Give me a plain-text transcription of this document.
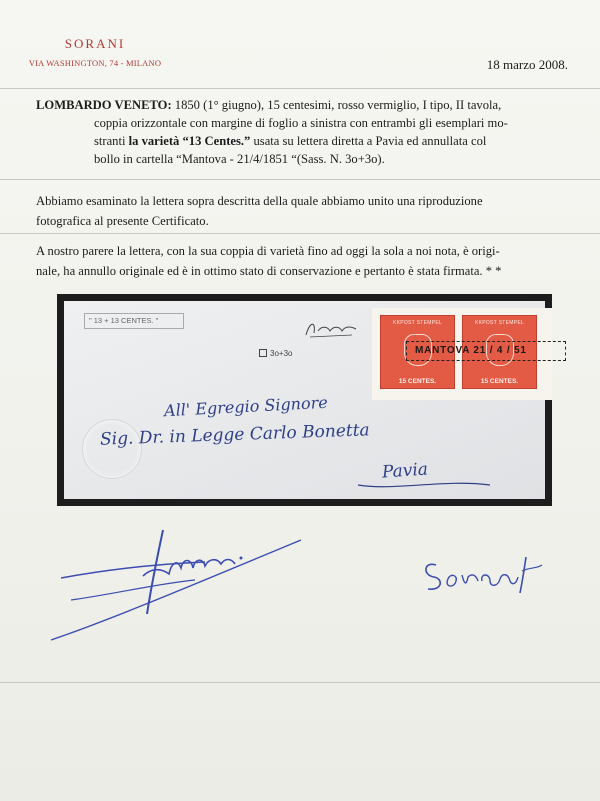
SORANI
VIA WASHINGTON, 74 - MILANO	18 marzo 2008.
LOMBARDO VENETO: 1850 (1° giugno), 15 centesimi, rosso vermiglio, I tipo, II tavola,
coppia orizzontale con margine di foglio a sinistra con entrambi gli esemplari mo-
stranti la varietà “13 Centes.” usata su lettera diretta a Pavia ed annullata col
bollo in cartella “Mantova - 21/4/1851 “(Sass. N. 3o+3o).
Abbiamo esaminato la lettera sopra descritta della quale abbiamo unito una riproduzione
fotografica al presente Certificato.
A nostro parere la lettera, con la sua coppia di varietà fino ad oggi la sola a noi nota, è origi-
nale, ha annullo originale ed è in ottimo stato di conservazione e pertanto è stata firmata. * *
" 13 + 13 CENTES. "
3o+3o
KKPOST STEMPEL
15 CENTES.
KKPOST STEMPEL
15 CENTES.
MANTOVA 21 / 4 / 51
All' Egregio Signore
Sig. Dr. in Legge Carlo Bonetta
Pavia
